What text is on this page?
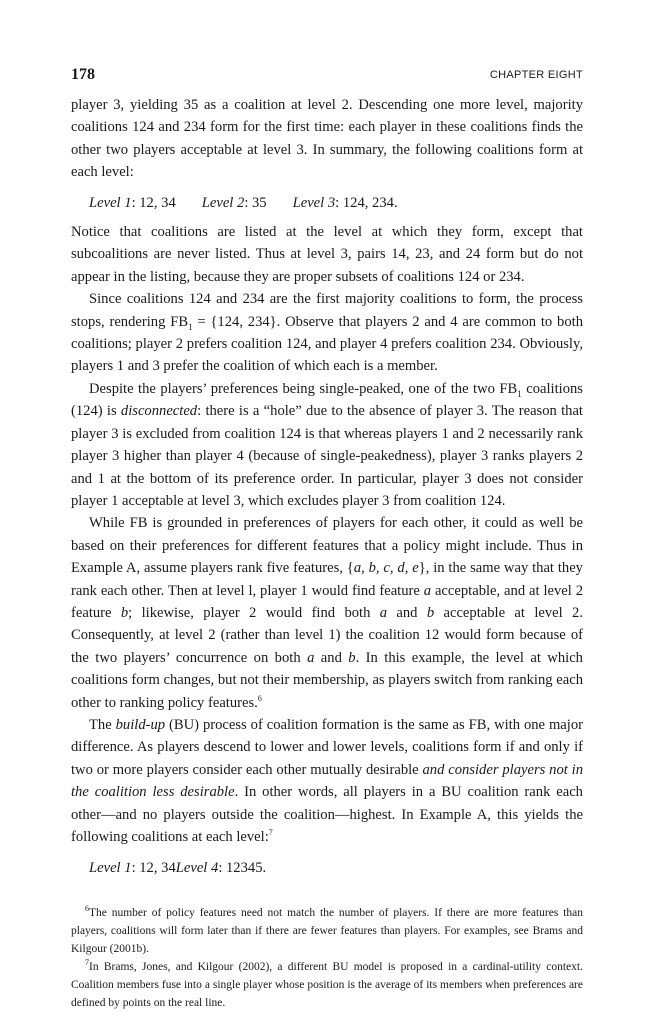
178	CHAPTER EIGHT

player 3, yielding 35 as a coalition at level 2. Descending one more level, majority coalitions 124 and 234 form for the first time: each player in these coalitions finds the other two players acceptable at level 3. In summary, the following coalitions form at each level:

Level 1: 12, 34 Level 2: 35 Level 3: 124, 234.

Notice that coalitions are listed at the level at which they form, except that subcoalitions are never listed. Thus at level 3, pairs 14, 23, and 24 form but do not appear in the listing, because they are proper subsets of coalitions 124 or 234.

Since coalitions 124 and 234 are the first majority coalitions to form, the process stops, rendering $FB_1 = \{124$, 234}. Observe that players 2 and 4 are common to both coalitions; player 2 prefers coalition 124, and player 4 prefers coalition 234. Obviously, players 1 and 3 prefer the coalition of which each is a member.

Despite the players’ preferences being single-peaked, one of the two $FB_1$ coalitions (124) is disconnected: there is a “hole” due to the absence of player 3. The reason that player 3 is excluded from coalition 124 is that whereas players 1 and 2 necessarily rank player 3 higher than player 4 (because of single-peakedness), player 3 ranks players 2 and 1 at the bottom of its preference order. In particular, player 3 does not consider player 1 acceptable at level 3, which excludes player 3 from coalition 124.

While FB is grounded in preferences of players for each other, it could as well be based on their preferences for different features that a policy might include. Thus in Example A, assume players rank five features, {a, b, c, d, e}, in the same way that they rank each other. Then at level l, player 1 would find feature a acceptable, and at level 2 feature b; likewise, player 2 would find both a and b acceptable at level 2. Consequently, at level 2 (rather than level 1) the coalition 12 would form because of the two players’ concurrence on both a and b. In this example, the level at which coalitions form changes, but not their membership, as players switch from ranking each other to ranking policy features.$^6$

The build-up (BU) process of coalition formation is the same as FB, with one major difference. As players descend to lower and lower levels, coalitions form if and only if two or more players consider each other mutually desirable and consider players not in the coalition less desirable. In other words, all players in a BU coalition rank each other—and no players outside the coalition—highest. In Example A, this yields the following coalitions at each level:$^7$

Level 1: 12, 34Level 4: 12345.

$^6$The number of policy features need not match the number of players. If there are more features than players, coalitions will form later than if there are fewer features than players. For examples, see Brams and Kilgour (2001b).

$^7$In Brams, Jones, and Kilgour (2002), a different BU model is proposed in a cardinal-utility context. Coalition members fuse into a single player whose position is the average of its members when preferences are defined by points on the real line.
